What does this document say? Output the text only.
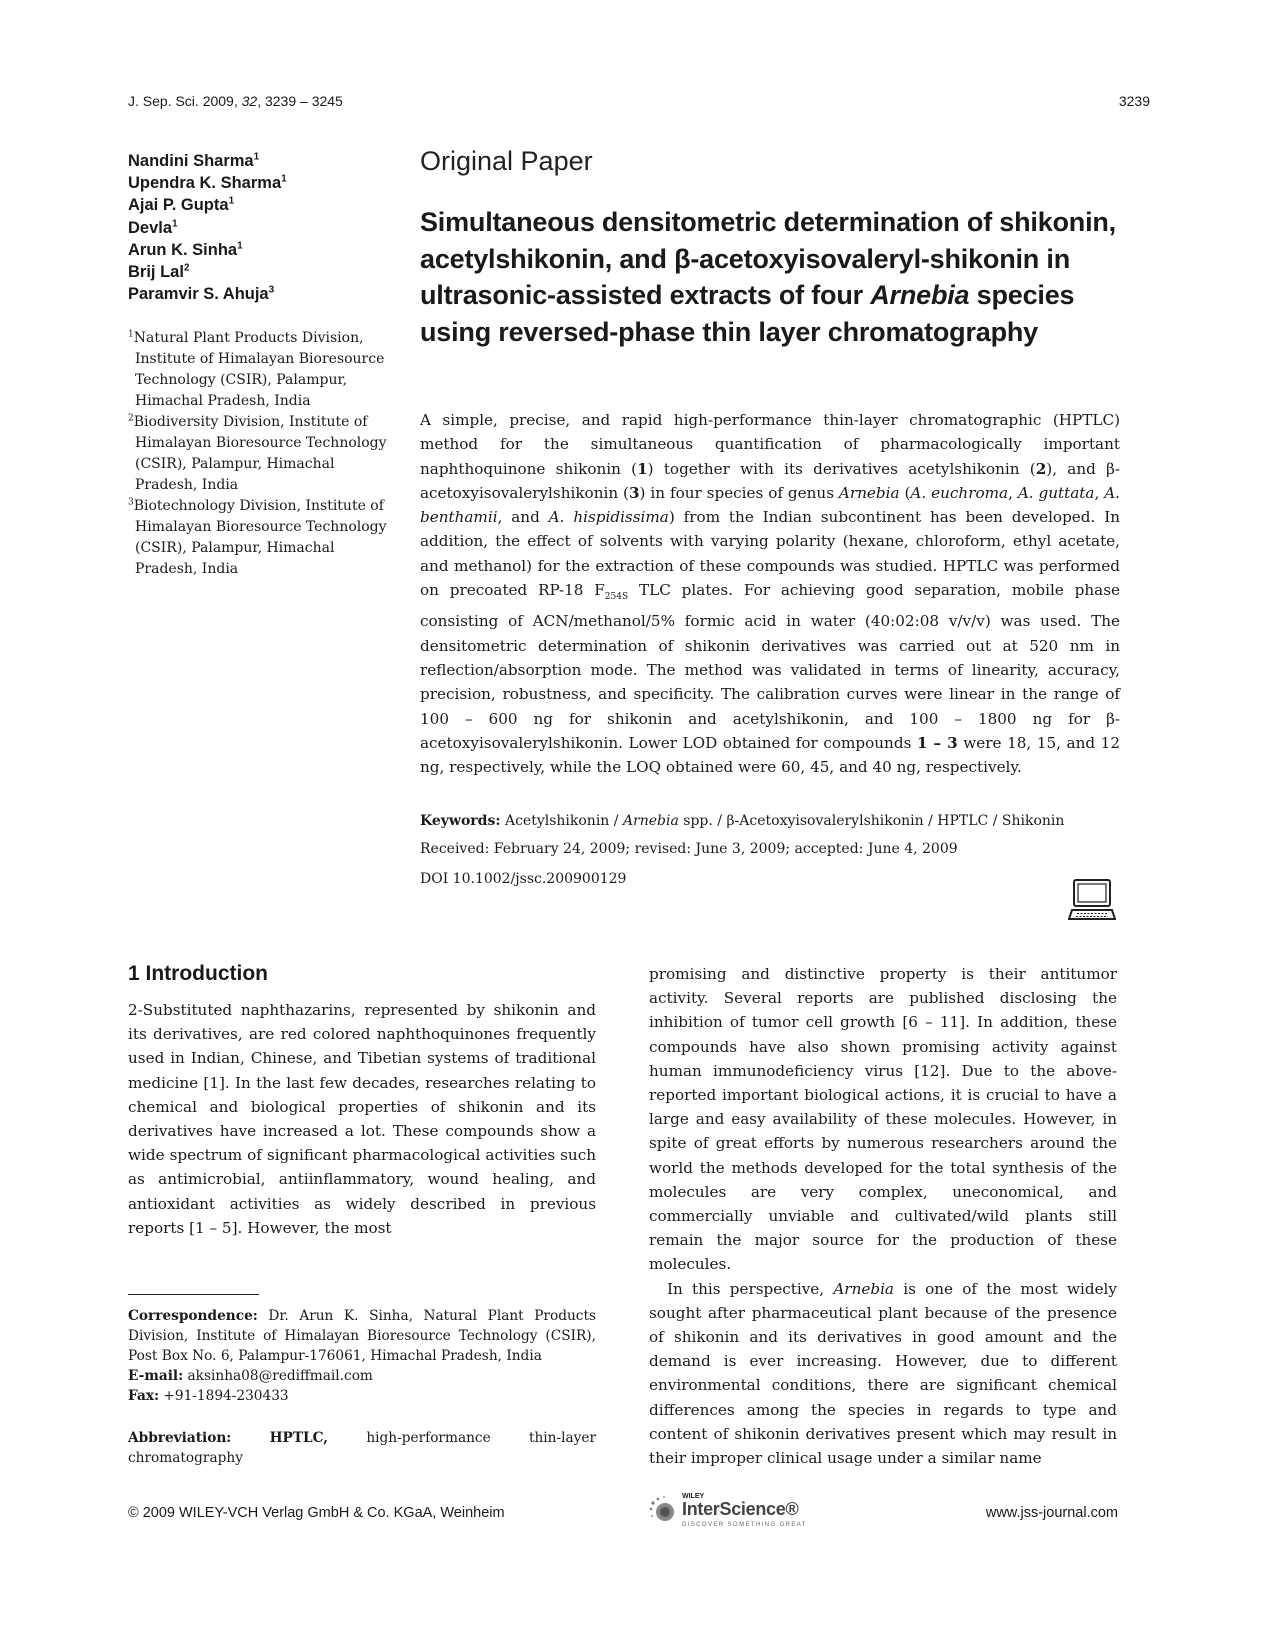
J. Sep. Sci. 2009, 32, 3239 – 3245	3239
Nandini Sharma$^1$
Upendra K. Sharma$^1$
Ajai P. Gupta$^1$
Devla$^1$
Arun K. Sinha$^1$
Brij Lal$^2$
Paramvir S. Ahuja$^3$
$^1$Natural Plant Products Division, Institute of Himalayan Bioresource Technology (CSIR), Palampur, Himachal Pradesh, India
$^2$Biodiversity Division, Institute of Himalayan Bioresource Technology (CSIR), Palampur, Himachal Pradesh, India
$^3$Biotechnology Division, Institute of Himalayan Bioresource Technology (CSIR), Palampur, Himachal Pradesh, India
Original Paper
Simultaneous densitometric determination of shikonin, acetylshikonin, and β-acetoxyisovaleryl-shikonin in ultrasonic-assisted extracts of four Arnebia species using reversed-phase thin layer chromatography
A simple, precise, and rapid high-performance thin-layer chromatographic (HPTLC) method for the simultaneous quantification of pharmacologically important naphthoquinone shikonin (1) together with its derivatives acetylshikonin (2), and β-acetoxyisovalerylshikonin (3) in four species of genus Arnebia (A. euchroma, A. guttata, A. benthamii, and A. hispidissima) from the Indian subcontinent has been developed. In addition, the effect of solvents with varying polarity (hexane, chloroform, ethyl acetate, and methanol) for the extraction of these compounds was studied. HPTLC was performed on precoated RP-18 $F_{254S}$ TLC plates. For achieving good separation, mobile phase consisting of ACN/methanol/5% formic acid in water (40:02:08 v/v/v) was used. The densitometric determination of shikonin derivatives was carried out at 520 nm in reflection/absorption mode. The method was validated in terms of linearity, accuracy, precision, robustness, and specificity. The calibration curves were linear in the range of 100 – 600 ng for shikonin and acetylshikonin, and 100 – 1800 ng for β-acetoxyisovalerylshikonin. Lower LOD obtained for compounds 1 – 3 were 18, 15, and 12 ng, respectively, while the LOQ obtained were 60, 45, and 40 ng, respectively.
Keywords: Acetylshikonin / Arnebia spp. / β-Acetoxyisovalerylshikonin / HPTLC / Shikonin
Received: February 24, 2009; revised: June 3, 2009; accepted: June 4, 2009
DOI 10.1002/jssc.200900129
1 Introduction

2-Substituted naphthazarins, represented by shikonin and its derivatives, are red colored naphthoquinones frequently used in Indian, Chinese, and Tibetian systems of traditional medicine [1]. In the last few decades, researches relating to chemical and biological properties of shikonin and its derivatives have increased a lot. These compounds show a wide spectrum of significant pharmacological activities such as antimicrobial, antiinflammatory, wound healing, and antioxidant activities as widely described in previous reports [1 – 5]. However, the most

Correspondence: Dr. Arun K. Sinha, Natural Plant Products Division, Institute of Himalayan Bioresource Technology (CSIR), Post Box No. 6, Palampur-176061, Himachal Pradesh, India
E-mail: aksinha08@rediffmail.com
Fax: +91-1894-230433
Abbreviation:	HPTLC, high-performance thin-layer chromatography

promising and distinctive property is their antitumor activity. Several reports are published disclosing the inhibition of tumor cell growth [6 – 11]. In addition, these compounds have also shown promising activity against human immunodeficiency virus [12]. Due to the above-reported important biological actions, it is crucial to have a large and easy availability of these molecules. However, in spite of great efforts by numerous researchers around the world the methods developed for the total synthesis of the molecules are very complex, uneconomical, and commercially unviable and cultivated/wild plants still remain the major source for the production of these molecules.

In this perspective, Arnebia is one of the most widely sought after pharmaceutical plant because of the presence of shikonin and its derivatives in good amount and the demand is ever increasing. However, due to different environmental conditions, there are significant chemical differences among the species in regards to type and content of shikonin derivatives present which may result in their improper clinical usage under a similar name

© 2009 WILEY-VCH Verlag GmbH & Co. KGaA, Weinheim
WILEY
InterScience®
DISCOVER SOMETHING GREAT
www.jss-journal.com
